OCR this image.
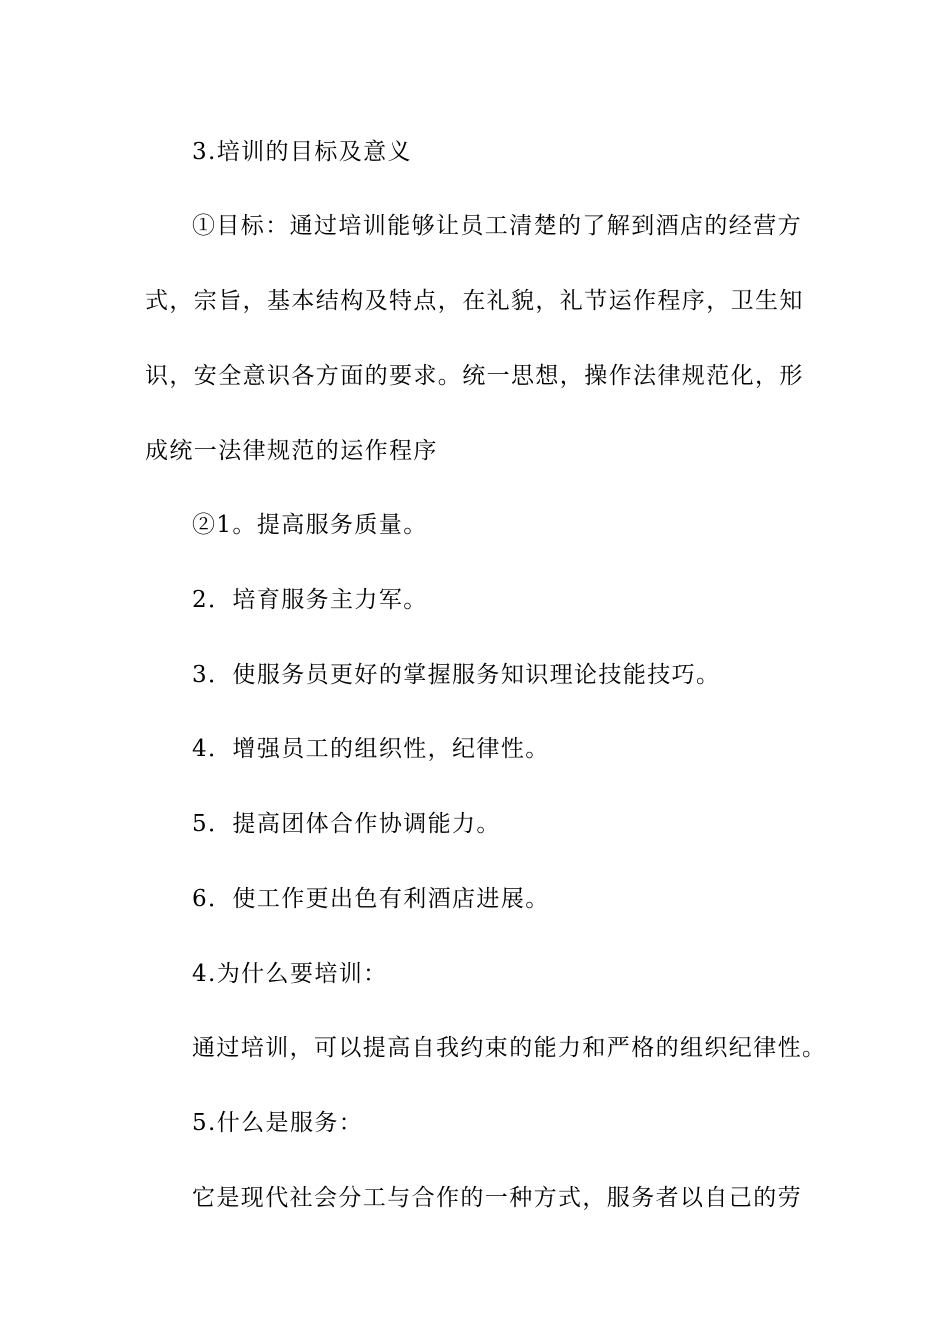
3.培训的目标及意义
①目标：通过培训能够让员工清楚的了解到酒店的经营方
式，宗旨，基本结构及特点，在礼貌，礼节运作程序，卫生知
识，安全意识各方面的要求。统一思想，操作法律规范化，形
成统一法律规范的运作程序
②1。提高服务质量。
2．培育服务主力军。
3．使服务员更好的掌握服务知识理论技能技巧。
4．增强员工的组织性，纪律性。
5．提高团体合作协调能力。
6．使工作更出色有利酒店进展。
4.为什么要培训：
通过培训，可以提高自我约束的能力和严格的组织纪律性。
5.什么是服务：
它是现代社会分工与合作的一种方式，服务者以自己的劳
